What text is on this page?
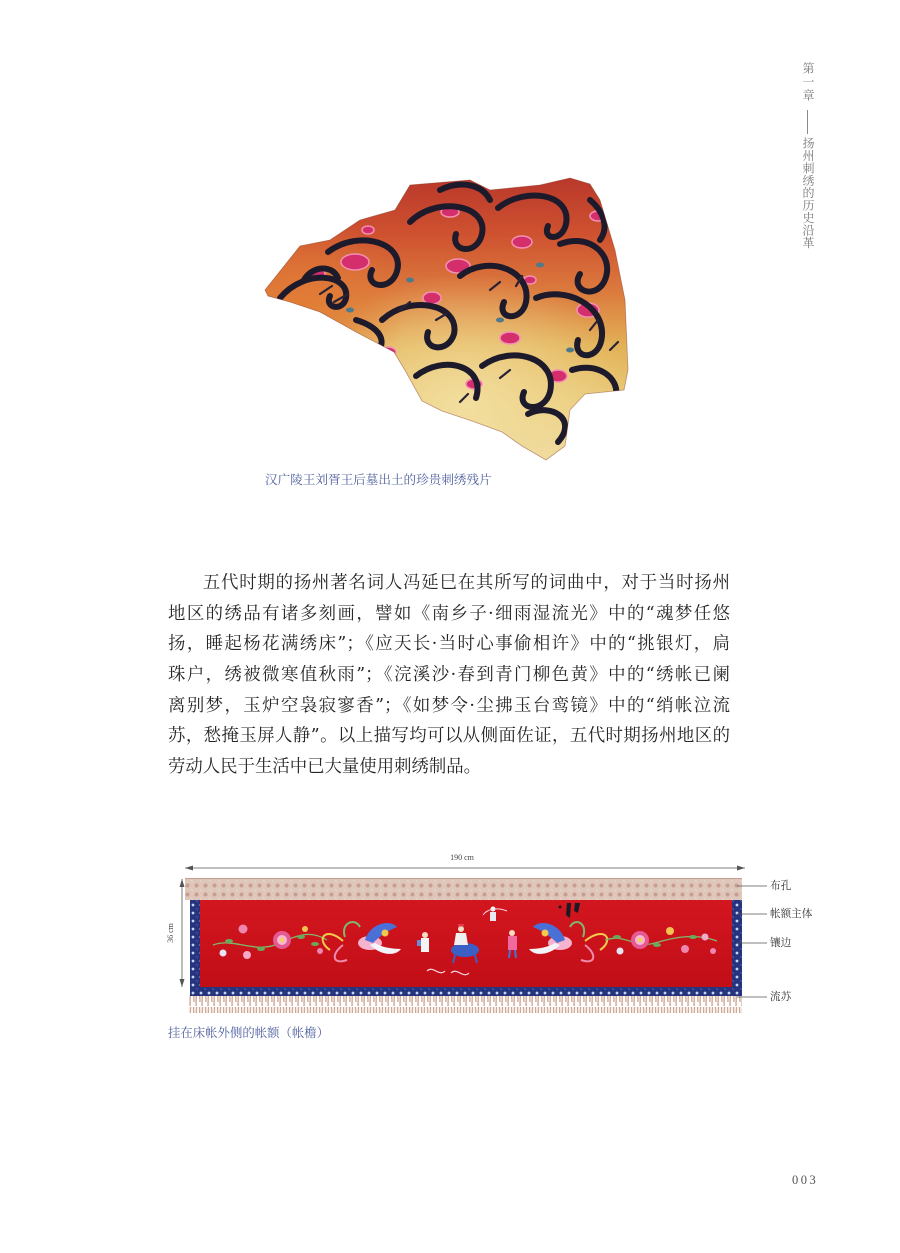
第一章
扬州刺绣的历史沿革
汉广陵王刘胥王后墓出土的珍贵刺绣残片
五代时期的扬州著名词人冯延巳在其所写的词曲中，对于当时扬州
地区的绣品有诸多刻画，譬如《南乡子·细雨湿流光》中的“魂梦任悠
扬，睡起杨花满绣床”；《应天长·当时心事偷相许》中的“挑银灯，扃
珠户，绣被微寒值秋雨”；《浣溪沙·春到青门柳色黄》中的“绣帐已阑
离别梦，玉炉空袅寂寥香”；《如梦令·尘拂玉台鸾镜》中的“绡帐泣流
苏，愁掩玉屏人静”。以上描写均可以从侧面佐证，五代时期扬州地区的
劳动人民于生活中已大量使用刺绣制品。
190 cm
36 cm
布孔
帐额主体
镶边
流苏
挂在床帐外侧的帐额（帐檐）
003
